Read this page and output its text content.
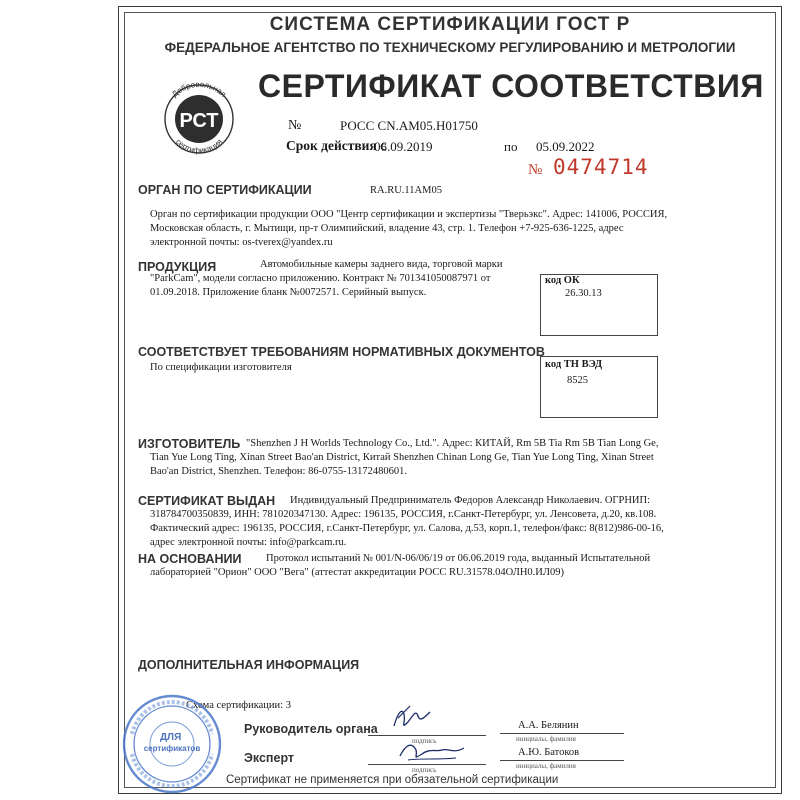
СИСТЕМА СЕРТИФИКАЦИИ ГОСТ Р
ФЕДЕРАЛЬНОЕ АГЕНТСТВО ПО ТЕХНИЧЕСКОМУ РЕГУЛИРОВАНИЮ И МЕТРОЛОГИИ
РСТ
Добровольная
сертификация
СЕРТИФИКАТ СООТВЕТСТВИЯ
№	РОСС CN.АМ05.Н01750
Срок действия с
06.09.2019	по 05.09.2022
№ 0474714
ОРГАН ПО СЕРТИФИКАЦИИ	RA.RU.11АМ05
Орган по сертификации продукции ООО "Центр сертификации и экспертизы "Тверьэкс". Адрес: 141006, РОССИЯ,
Московская область, г. Мытищи, пр-т Олимпийский, владение 43, стр. 1. Телефон +7-925-636-1225, адрес
электронной почты: os-tverex@yandex.ru
ПРОДУКЦИЯ	Автомобильные камеры заднего вида, торговой марки
"ParkCam", модели согласно приложению. Контракт № 701341050087971 от
01.09.2018. Приложение бланк №0072571. Серийный выпуск.
код ОК
26.30.13
СООТВЕТСТВУЕТ ТРЕБОВАНИЯМ НОРМАТИВНЫХ ДОКУМЕНТОВ
По спецификации изготовителя	код ТН ВЭД
8525
ИЗГОТОВИТЕЛЬ "Shenzhen J H Worlds Technology Co., Ltd.". Адрес: КИТАЙ, Rm 5B Tia Rm 5B Tian Long Ge,
Tian Yue Long Ting, Xinan Street Bao'an District, Китай Shenzhen Chinan Long Ge, Tian Yue Long Ting, Xinan Street
Bao'an District, Shenzhen. Телефон: 86-0755-13172480601.
СЕРТИФИКАТ ВЫДАН Индивидуальный Предприниматель Федоров Александр Николаевич. ОГРНИП:
318784700350839, ИНН: 781020347130. Адрес: 196135, РОССИЯ, г.Санкт-Петербург, ул. Ленсовета, д.20, кв.108.
Фактический адрес: 196135, РОССИЯ, г.Санкт-Петербург, ул. Салова, д.53, корп.1, телефон/факс: 8(812)986-00-16,
адрес электронной почты: info@parkcam.ru.
НА ОСНОВАНИИ Протокол испытаний № 001/N-06/06/19 от 06.06.2019 года, выданный Испытательной
лабораторией "Орион" ООО "Вега" (аттестат аккредитации РОСС RU.31578.04ОЛН0.ИЛ09)
ДОПОЛНИТЕЛЬНАЯ ИНФОРМАЦИЯ
Схема сертификации: 3
Руководитель органа
подпись
А.А. Белянин
инициалы, фамилия
Эксперт
подпись
А.Ю. Батоков
инициалы, фамилия
ДЛЯ сертификатов
Сертификат не применяется при обязательной сертификации
